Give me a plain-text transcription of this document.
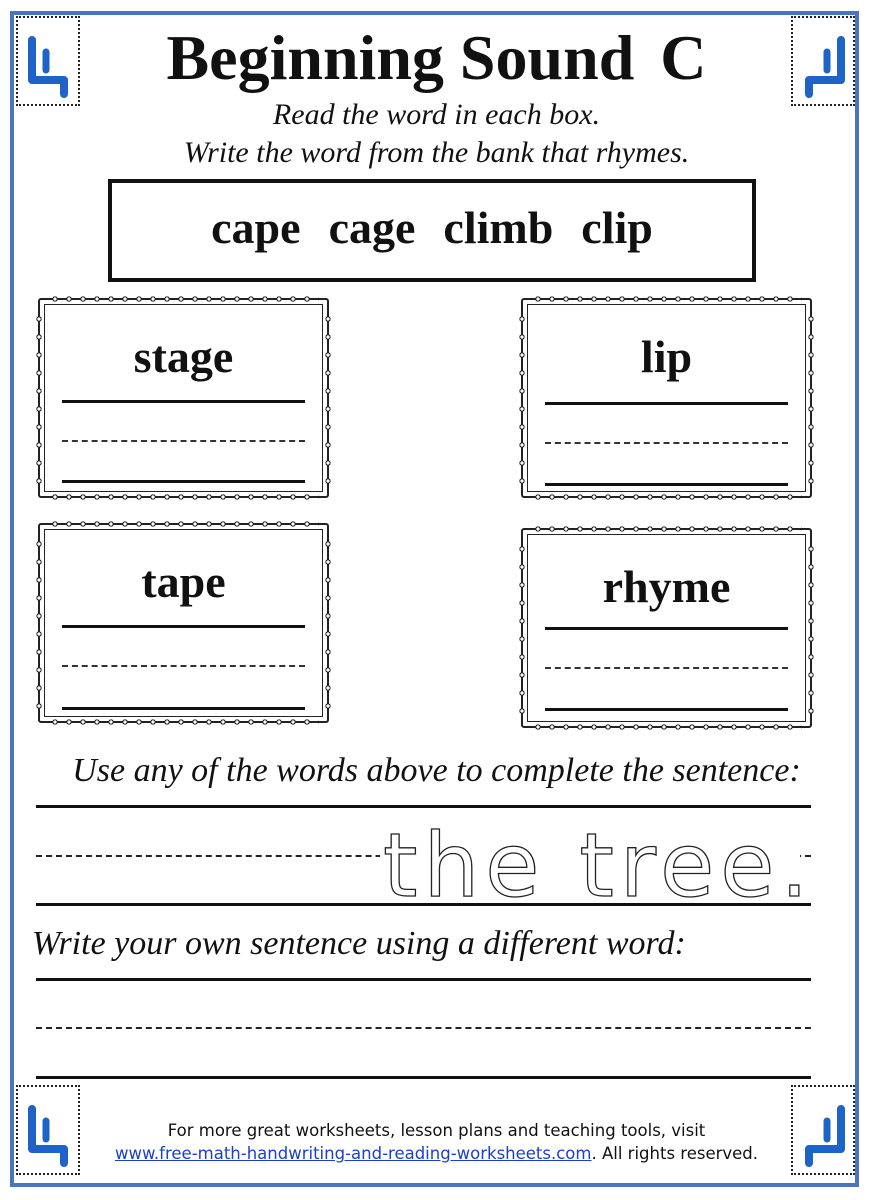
Beginning Sound C
Read the word in each box.
Write the word from the bank that rhymes.
cape cage climb clip
stage	lip
tape	rhyme
Use any of the words above to complete the sentence:
the tree.
Write your own sentence using a different word:
For more great worksheets, lesson plans and teaching tools, visit
www.free-math-handwriting-and-reading-worksheets.com. All rights reserved.
